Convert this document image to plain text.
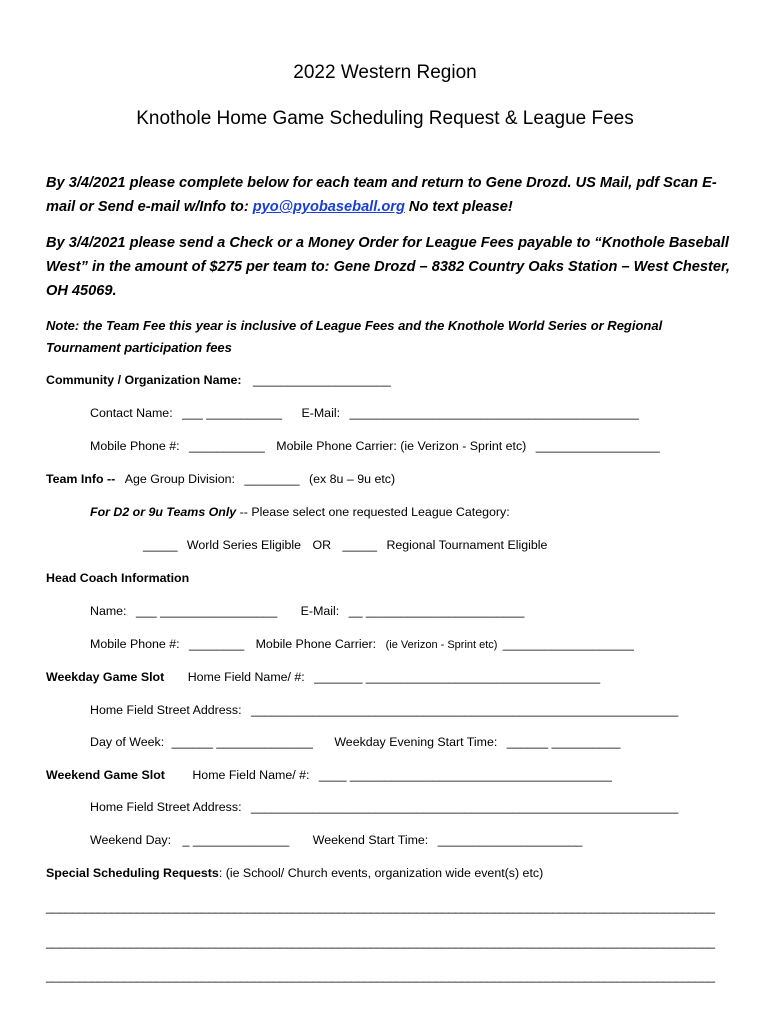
2022 Western Region
Knothole Home Game Scheduling Request & League Fees
By 3/4/2021 please complete below for each team and return to Gene Drozd. US Mail, pdf Scan E- mail or Send e-mail w/Info to: pyo@pyobaseball.org No text please!
By 3/4/2021 please send a Check or a Money Order for League Fees payable to “Knothole Baseball West” in the amount of $275 per team to: Gene Drozd – 8382 Country Oaks Station – West Chester, OH 45069.
Note: the Team Fee this year is inclusive of League Fees and the Knothole World Series or Regional Tournament participation fees
Community / Organization Name: ____________________
Contact Name: ___ ___________ E-Mail: __________________________________________
Mobile Phone #: ___________ Mobile Phone Carrier: (ie Verizon - Sprint etc) __________________
Team Info -- Age Group Division: ________ (ex 8u – 9u etc)
For D2 or 9u Teams Only -- Please select one requested League Category:
_____ World Series Eligible OR _____ Regional Tournament Eligible
Head Coach Information
Name: ___ _________________ E-Mail: __ _______________________
Mobile Phone #: ________ Mobile Phone Carrier: (ie Verizon - Sprint etc) ___________________
Weekday Game Slot Home Field Name/ #: _______ __________________________________
Home Field Street Address: ______________________________________________________________
Day of Week: ______ ______________ Weekday Evening Start Time: ______ __________
Weekend Game Slot Home Field Name/ #: ____ ______________________________________
Home Field Street Address: ______________________________________________________________
Weekend Day: _ ______________ Weekend Start Time: _____________________
Special Scheduling Requests: (ie School/ Church events, organization wide event(s) etc)
_______________________________________________________________________________________________________
_______________________________________________________________________________________________________
_______________________________________________________________________________________________________
